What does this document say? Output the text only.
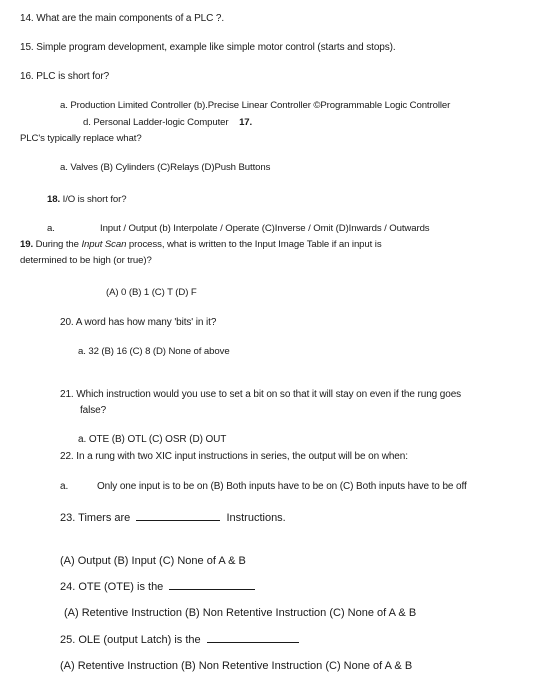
14. What are the main components of a PLC ?.
15. Simple program development, example like simple motor control (starts and stops).
16. PLC is short for?
a. Production Limited Controller (b).Precise Linear Controller ©Programmable Logic Controller
d. Personal Ladder-logic Computer 17.
PLC's typically replace what?
a. Valves (B) Cylinders (C)Relays (D)Push Buttons
18. I/O is short for?
a.	Input / Output (b) Interpolate / Operate (C)Inverse / Omit (D)Inwards / Outwards
19. During the Input Scan process, what is written to the Input Image Table if an input is
determined to be high (or true)?
(A) 0 (B) 1 (C) T (D) F
20. A word has how many 'bits' in it?
a. 32 (B) 16 (C) 8 (D) None of above
21. Which instruction would you use to set a bit on so that it will stay on even if the rung goes
false?
a. OTE (B) OTL (C) OSR (D) OUT
22. In a rung with two XIC input instructions in series, the output will be on when:
a.	Only one input is to be on (B) Both inputs have to be on (C) Both inputs have to be off
23. Timers are	Instructions.
(A) Output (B) Input (C) None of A & B
24. OTE (OTE) is the
(A) Retentive Instruction (B) Non Retentive Instruction (C) None of A & B
25. OLE (output Latch) is the
(A) Retentive Instruction (B) Non Retentive Instruction (C) None of A & B
